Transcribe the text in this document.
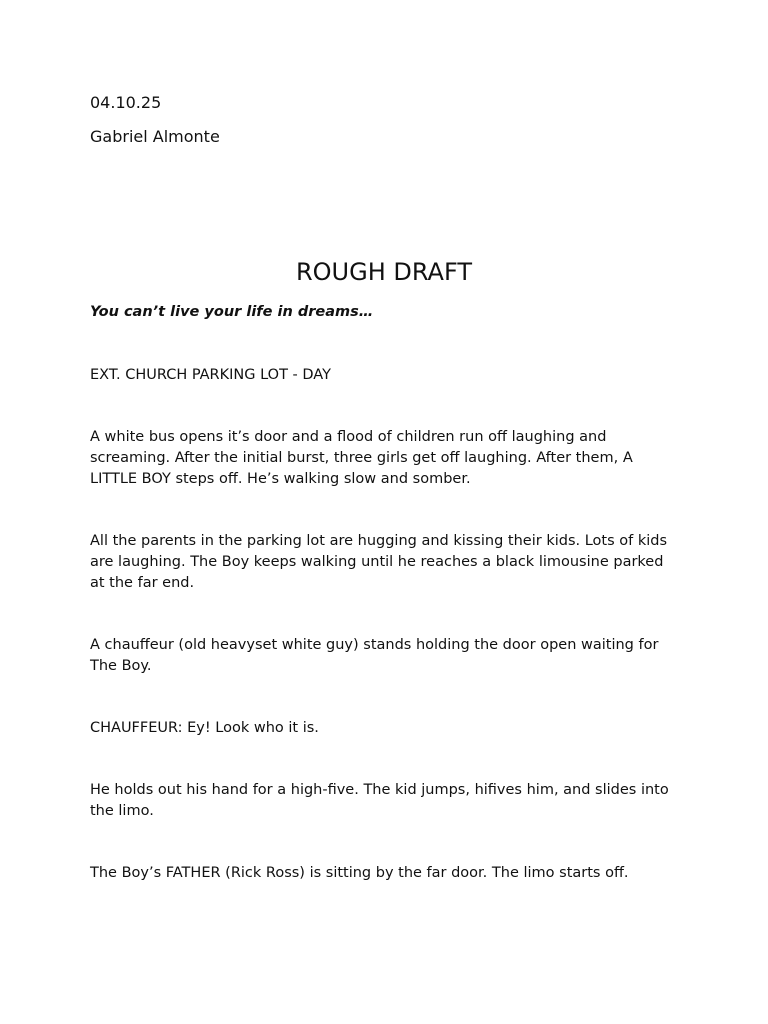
04.10.25
Gabriel Almonte
ROUGH DRAFT
You can’t live your life in dreams…

EXT. CHURCH PARKING LOT - DAY

A white bus opens it’s door and a flood of children run off laughing and screaming. After the initial burst, three girls get off laughing. After them, A LITTLE BOY steps off. He’s walking slow and somber.

All the parents in the parking lot are hugging and kissing their kids. Lots of kids are laughing. The Boy keeps walking until he reaches a black limousine parked at the far end.

A chauffeur (old heavyset white guy) stands holding the door open waiting for The Boy.

CHAUFFEUR: Ey! Look who it is.

He holds out his hand for a high-five. The kid jumps, hifives him, and slides into the limo.

The Boy’s FATHER (Rick Ross) is sitting by the far door. The limo starts off.
